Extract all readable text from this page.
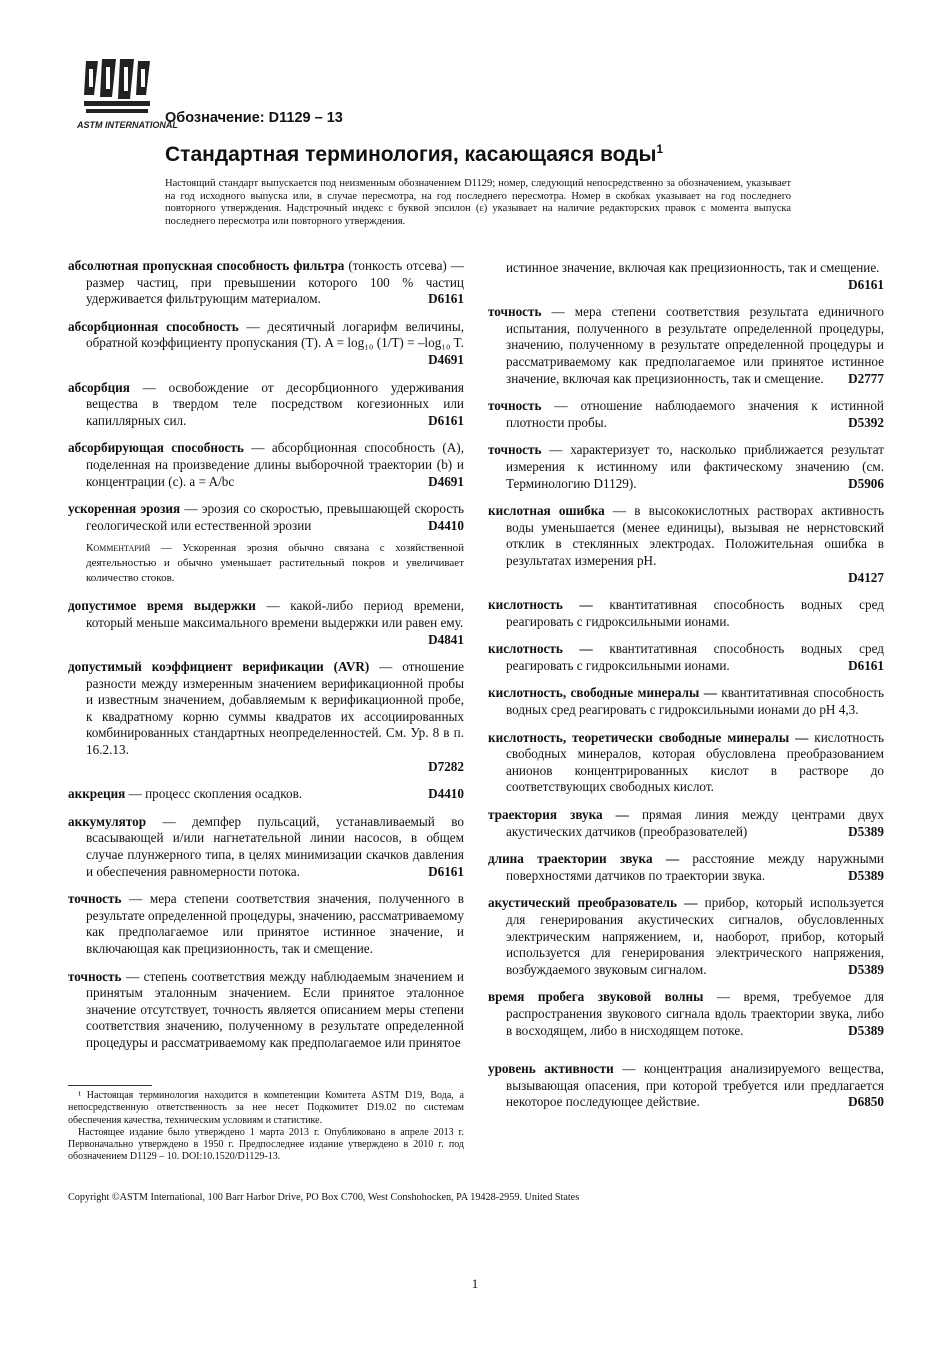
ASTM INTERNATIONAL
Обозначение: D1129 – 13
Стандартная терминология, касающаяся воды$^1$
Настоящий стандарт выпускается под неизменным обозначением D1129; номер, следующий непосредственно за обозначением, указывает на год исходного выпуска или, в случае пересмотра, на год последнего пересмотра. Номер в скобках указывает на год последнего повторного утверждения. Надстрочный индекс с буквой эпсилон (ε) указывает на наличие редакторских правок с момента выпуска последнего пересмотра или повторного утверждения.
абсолютная пропускная способность фильтра (тонкость отсева) — размер частиц, при превышении которого 100 % частиц удерживается фильтрующим материалом.	D6161
абсорбционная способность — десятичный логарифм величины, обратной коэффициенту пропускания (T). A = log₁₀ (1/T) = –log₁₀ T.
D4691
абсорбция — освобождение от десорбционного удерживания вещества в твердом теле посредством когезионных или капиллярных сил.	D6161
абсорбирующая способность — абсорбционная способность (A), поделенная на произведение длины выборочной траектории (b) и концентрации (c). a = A/bc	D4691
ускоренная эрозия — эрозия со скоростью, превышающей скорость геологической или естественной эрозии	D4410
Комментарий — Ускоренная эрозия обычно связана с хозяйственной деятельностью и обычно уменьшает растительный покров и увеличивает количество стоков.
допустимое время выдержки — какой-либо период времени, который меньше максимального времени выдержки или равен ему.
D4841
допустимый коэффициент верификации (AVR) — отношение разности между измеренным значением верификационной пробы и известным значением, добавляемым к верификационной пробе, к квадратному корню суммы квадратов их ассоциированных комбинированных стандартных неопределенностей. См. Ур. 8 в п. 16.2.13.
D7282
аккреция — процесс скопления осадков.	D4410
аккумулятор — демпфер пульсаций, устанавливаемый во всасывающей и/или нагнетательной линии насосов, в общем случае плунжерного типа, в целях минимизации скачков давления и обеспечения равномерности потока.	D6161
точность — мера степени соответствия значения, полученного в результате определенной процедуры, значению, рассматриваемому как предполагаемое или принятое истинное значение, и включающая как прецизионность, так и смещение.
точность — степень соответствия между наблюдаемым значением и принятым эталонным значением. Если принятое эталонное значение отсутствует, точность является описанием меры степени соответствия значению, полученному в результате определенной процедуры и рассматриваемому как предполагаемое или принятое
истинное значение, включая как прецизионность, так и смещение.
D6161
точность — мера степени соответствия результата единичного испытания, полученного в результате определенной процедуры, значению, полученному в результате определенной процедуры и рассматриваемому как предполагаемое или принятое истинное значение, включая как прецизионность, так и смещение. D2777
точность — отношение наблюдаемого значения к истинной плотности пробы.	D5392
точность — характеризует то, насколько приближается результат измерения к истинному или фактическому значению (см. Терминологию D1129).	D5906
кислотная ошибка — в высококислотных растворах активность воды уменьшается (менее единицы), вызывая не нернстовский отклик в стеклянных электродах. Положительная ошибка в результатах измерения pH.
D4127
кислотность — квантитативная способность водных сред реагировать с гидроксильными ионами.
кислотность — квантитативная способность водных сред реагировать с гидроксильными ионами.	D6161
кислотность, свободные минералы — квантитативная способность водных сред реагировать с гидроксильными ионами до pH 4,3.
кислотность, теоретически свободные минералы — кислотность свободных минералов, которая обусловлена преобразованием анионов концентрированных кислот в растворе до соответствующих свободных кислот.
траектория звука — прямая линия между центрами двух акустических датчиков (преобразователей)	D5389
длина траектории звука — расстояние между наружными поверхностями датчиков по траектории звука.	D5389
акустический преобразователь — прибор, который используется для генерирования акустических сигналов, обусловленных электрическим напряжением, и, наоборот, прибор, который используется для генерирования электрического напряжения, возбуждаемого звуковым сигналом.	D5389
время пробега звуковой волны — время, требуемое для распространения звукового сигнала вдоль траектории звука, либо в восходящем, либо в нисходящем потоке.	D5389
уровень активности — концентрация анализируемого вещества, вызывающая опасения, при которой требуется или предлагается некоторое последующее действие.	D6850

¹ Настоящая терминология находится в компетенции Комитета ASTM D19, Вода, а непосредственную ответственность за нее несет Подкомитет D19.02 по системам обеспечения качества, техническим условиям и статистике.

Настоящее издание было утверждено 1 марта 2013 г. Опубликовано в апреле 2013 г. Первоначально утверждено в 1950 г. Предпоследнее издание утверждено в 2010 г. под обозначением D1129 – 10. DOI:10.1520/D1129-13.

Copyright ©ASTM International, 100 Barr Harbor Drive, PO Box C700, West Conshohocken, PA 19428-2959. United States
1
